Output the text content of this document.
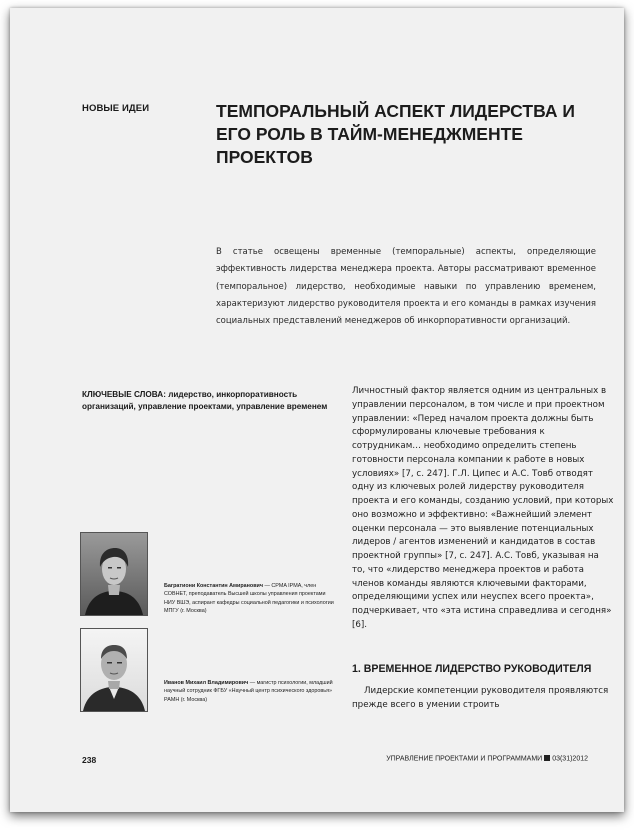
НОВЫЕ ИДЕИ	ТЕМПОРАЛЬНЫЙ АСПЕКТ ЛИДЕРСТВА И ЕГО РОЛЬ В ТАЙМ-МЕНЕДЖМЕНТЕ ПРОЕКТОВ

В статье освещены временные (темпоральные) аспекты, определяющие эффективность лидерства менеджера проекта. Авторы рассматривают временное (темпоральное) лидерство, необходимые навыки по управлению временем, характеризуют лидерство руководителя проекта и его команды в рамках изучения социальных представлений менеджеров об инкорпоративности организаций.

КЛЮЧЕВЫЕ СЛОВА: лидерство, инкорпоративность организаций, управление проектами, управление временем

Багратиони Константин Амиранович — CPMA IPMA, член СОВНЕТ, преподаватель Высшей школы управления проектами НИУ ВШЭ, аспирант кафедры социальной педагогики и психологии МПГУ (г. Москва)

Иванов Михаил Владимирович — магистр психологии, младший научный сотрудник ФГБУ «Научный центр психического здоровья» РАМН (г. Москва)

Личностный фактор является одним из центральных в управлении персоналом, в том числе и при проектном управлении: «Перед началом проекта должны быть сформулированы ключевые требования к сотрудникам… необходимо определить степень готовности персонала компании к работе в новых условиях» [7, с. 247]. Г.Л. Ципес и А.С. Товб отводят одну из ключевых ролей лидерству руководителя проекта и его команды, созданию условий, при которых оно возможно и эффективно: «Важнейший элемент оценки персонала — это выявление потенциальных лидеров / агентов изменений и кандидатов в состав проектной группы» [7, с. 247]. А.С. Товб, указывая на то, что «лидерство менеджера проектов и работа членов команды являются ключевыми факторами, определяющими успех или неуспех всего проекта», подчеркивает, что «эта истина справедлива и сегодня» [6].

1. ВРЕМЕННОЕ ЛИДЕРСТВО РУКОВОДИТЕЛЯ

Лидерские компетенции руководителя проявляются прежде всего в умении строить

238	УПРАВЛЕНИЕ ПРОЕКТАМИ И ПРОГРАММАМИ 03(31)2012
